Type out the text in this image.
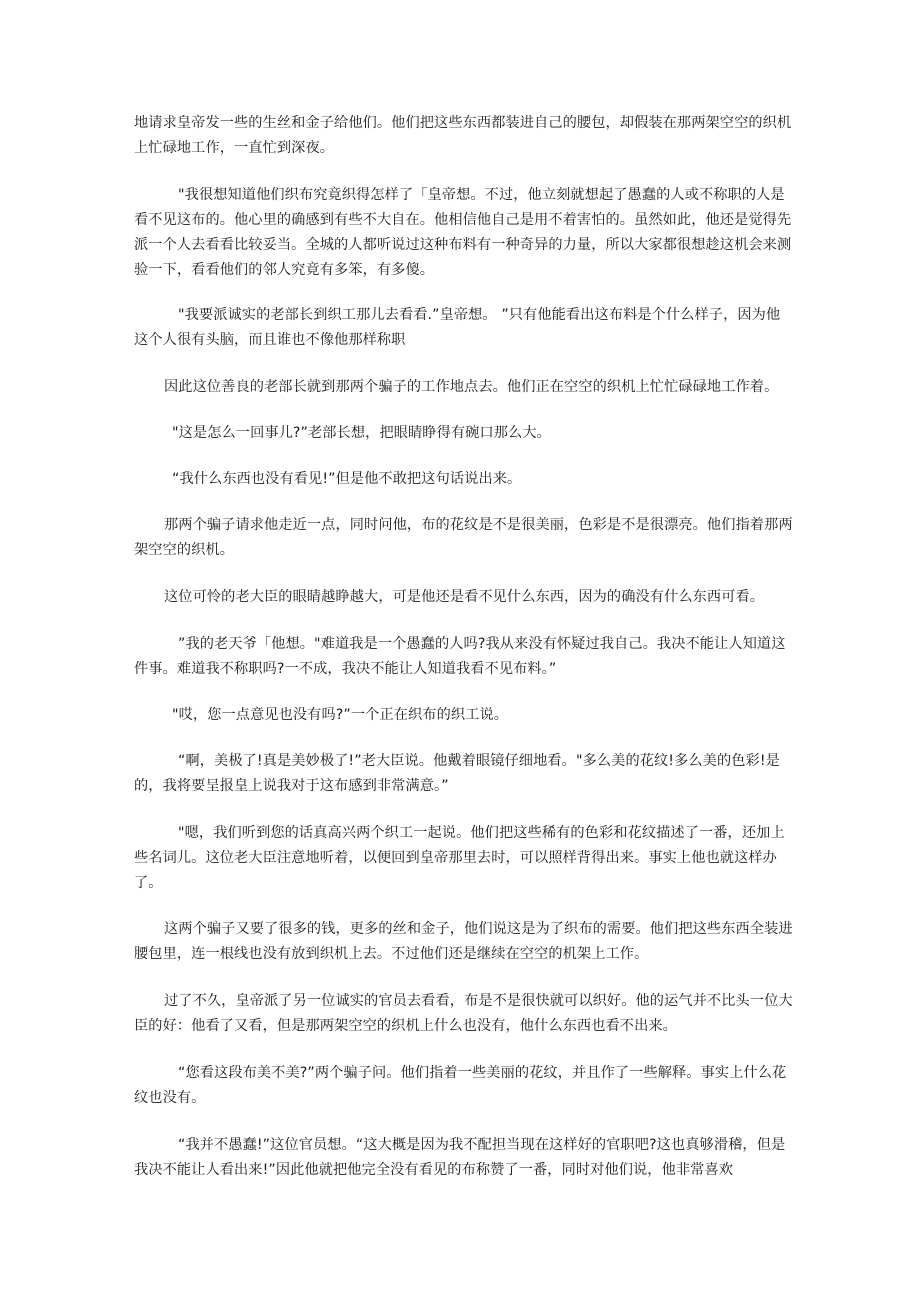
地请求皇帝发一些的生丝和金子给他们。他们把这些东西都装进自己的腰包，却假装在那两架空空的织机上忙碌地工作，一直忙到深夜。

"我很想知道他们织布究竟织得怎样了「皇帝想。不过，他立刻就想起了愚蠢的人或不称职的人是看不见这布的。他心里的确感到有些不大自在。他相信他自己是用不着害怕的。虽然如此，他还是觉得先派一个人去看看比较妥当。全城的人都听说过这种布料有一种奇异的力量，所以大家都很想趁这机会来测验一下，看看他们的邻人究竟有多笨，有多傻。

"我要派诚实的老部长到织工那儿去看看.”皇帝想。 ”只有他能看出这布料是个什么样子，因为他这个人很有头脑，而且谁也不像他那样称职

因此这位善良的老部长就到那两个骗子的工作地点去。他们正在空空的织机上忙忙碌碌地工作着。

"这是怎么一回事儿?”老部长想，把眼睛睁得有碗口那么大。

“我什么东西也没有看见!”但是他不敢把这句话说出来。

那两个骗子请求他走近一点，同时问他，布的花纹是不是很美丽，色彩是不是很漂亮。他们指着那两架空空的织机。

这位可怜的老大臣的眼睛越睁越大，可是他还是看不见什么东西，因为的确没有什么东西可看。

”我的老天爷「他想。"难道我是一个愚蠢的人吗?我从来没有怀疑过我自己。我决不能让人知道这件事。难道我不称职吗?一不成，我决不能让人知道我看不见布料。”

"哎，您一点意见也没有吗?”一个正在织布的织工说。

“啊，美极了!真是美妙极了!”老大臣说。他戴着眼镜仔细地看。"多么美的花纹!多么美的色彩!是的，我将要呈报皇上说我对于这布感到非常满意。”

"嗯，我们听到您的话真高兴两个织工一起说。他们把这些稀有的色彩和花纹描述了一番，还加上些名词儿。这位老大臣注意地听着，以便回到皇帝那里去时，可以照样背得出来。事实上他也就这样办了。

这两个骗子又要了很多的钱，更多的丝和金子，他们说这是为了织布的需要。他们把这些东西全装进腰包里，连一根线也没有放到织机上去。不过他们还是继续在空空的机架上工作。

过了不久，皇帝派了另一位诚实的官员去看看，布是不是很快就可以织好。他的运气并不比头一位大臣的好：他看了又看，但是那两架空空的织机上什么也没有，他什么东西也看不出来。

“您看这段布美不美?”两个骗子问。他们指着一些美丽的花纹，并且作了一些解释。事实上什么花纹也没有。

“我并不愚蠢!”这位官员想。“这大概是因为我不配担当现在这样好的官职吧?这也真够滑稽，但是我决不能让人看出来!”因此他就把他完全没有看见的布称赞了一番，同时对他们说，他非常喜欢
